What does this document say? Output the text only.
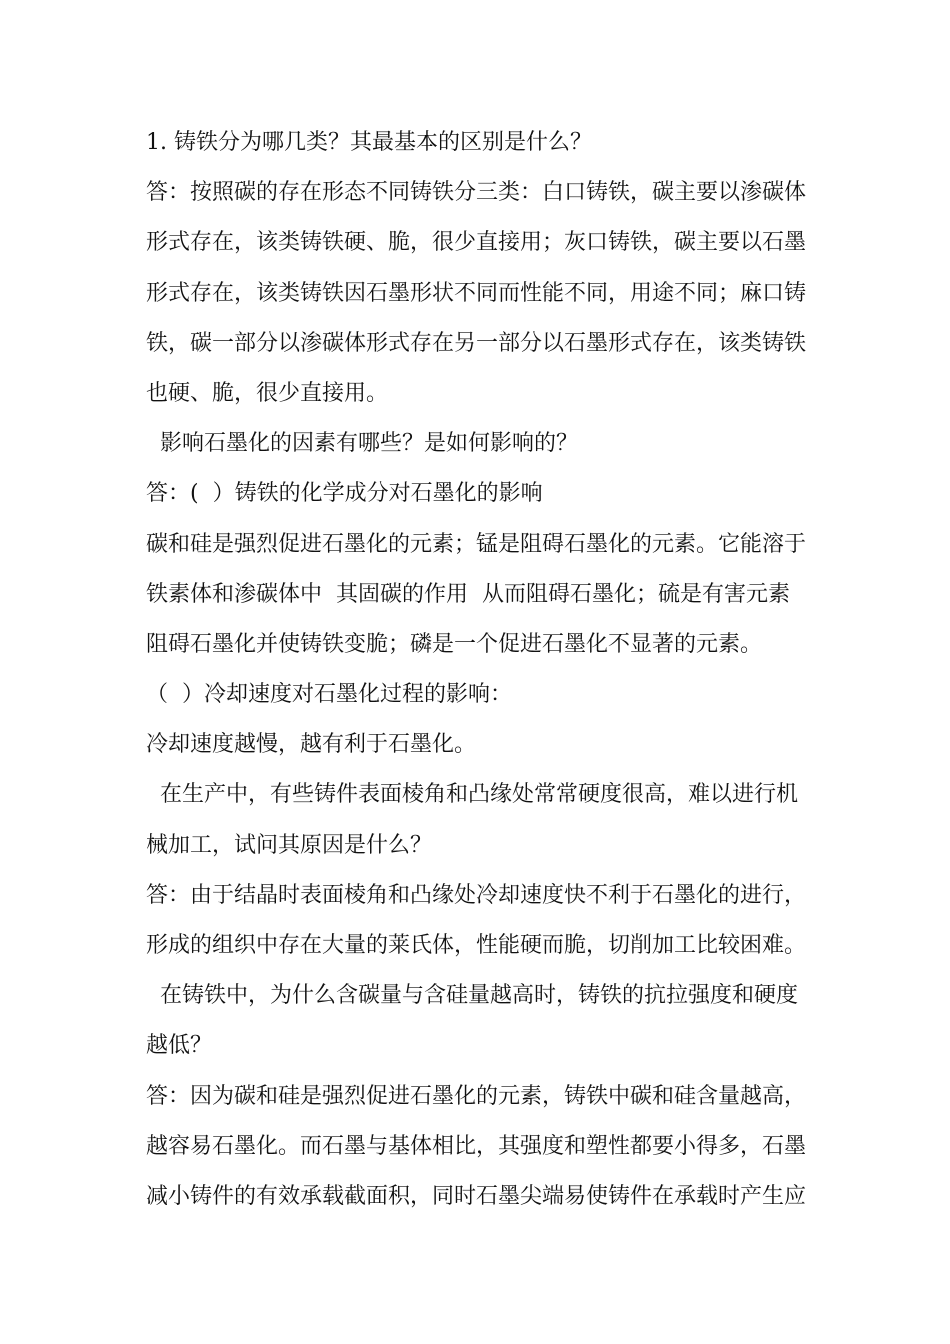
1. 铸铁分为哪几类？其最基本的区别是什么？
答：按照碳的存在形态不同铸铁分三类：白口铸铁，碳主要以渗碳体
形式存在，该类铸铁硬、脆，很少直接用；灰口铸铁，碳主要以石墨
形式存在，该类铸铁因石墨形状不同而性能不同，用途不同；麻口铸
铁，碳一部分以渗碳体形式存在另一部分以石墨形式存在，该类铸铁
也硬、脆，很少直接用。
影响石墨化的因素有哪些？是如何影响的？
答：(  ）铸铁的化学成分对石墨化的影响
碳和硅是强烈促进石墨化的元素；锰是阻碍石墨化的元素。它能溶于
铁素体和渗碳体中  其固碳的作用  从而阻碍石墨化；硫是有害元素
阻碍石墨化并使铸铁变脆；磷是一个促进石墨化不显著的元素。
（  ）冷却速度对石墨化过程的影响：
冷却速度越慢，越有利于石墨化。
在生产中，有些铸件表面棱角和凸缘处常常硬度很高，难以进行机
械加工，试问其原因是什么？
答：由于结晶时表面棱角和凸缘处冷却速度快不利于石墨化的进行，
形成的组织中存在大量的莱氏体，性能硬而脆，切削加工比较困难。
在铸铁中，为什么含碳量与含硅量越高时，铸铁的抗拉强度和硬度
越低？
答：因为碳和硅是强烈促进石墨化的元素，铸铁中碳和硅含量越高，
越容易石墨化。而石墨与基体相比，其强度和塑性都要小得多，石墨
减小铸件的有效承载截面积，同时石墨尖端易使铸件在承载时产生应
